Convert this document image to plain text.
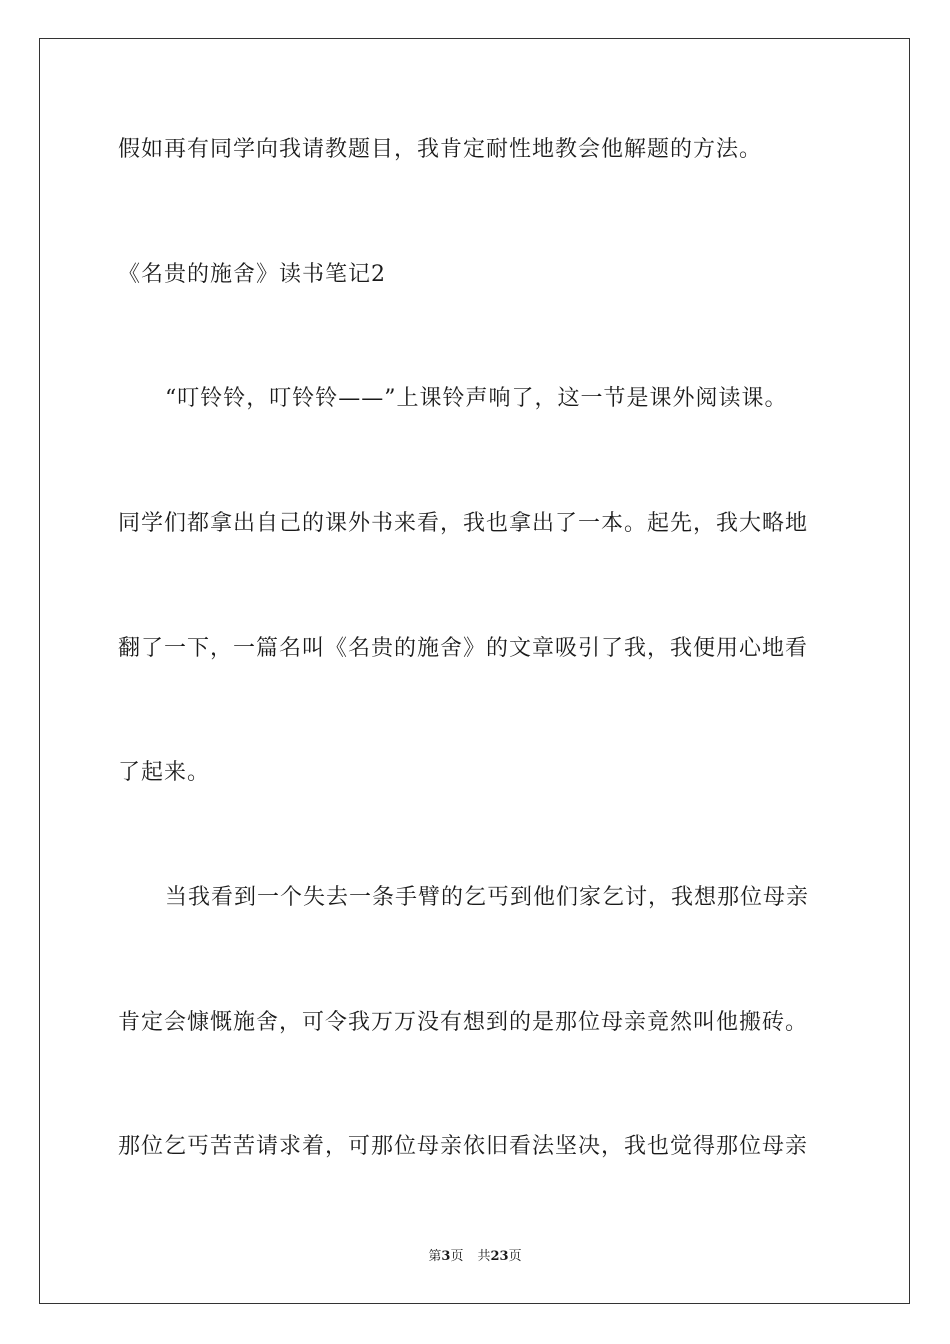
假如再有同学向我请教题目，我肯定耐性地教会他解题的方法。
《名贵的施舍》读书笔记2
“叮铃铃，叮铃铃——”上课铃声响了，这一节是课外阅读课。
同学们都拿出自己的课外书来看，我也拿出了一本。起先，我大略地
翻了一下，一篇名叫《名贵的施舍》的文章吸引了我，我便用心地看
了起来。
当我看到一个失去一条手臂的乞丐到他们家乞讨，我想那位母亲
肯定会慷慨施舍，可令我万万没有想到的是那位母亲竟然叫他搬砖。
那位乞丐苦苦请求着，可那位母亲依旧看法坚决，我也觉得那位母亲
第3页 共23页
